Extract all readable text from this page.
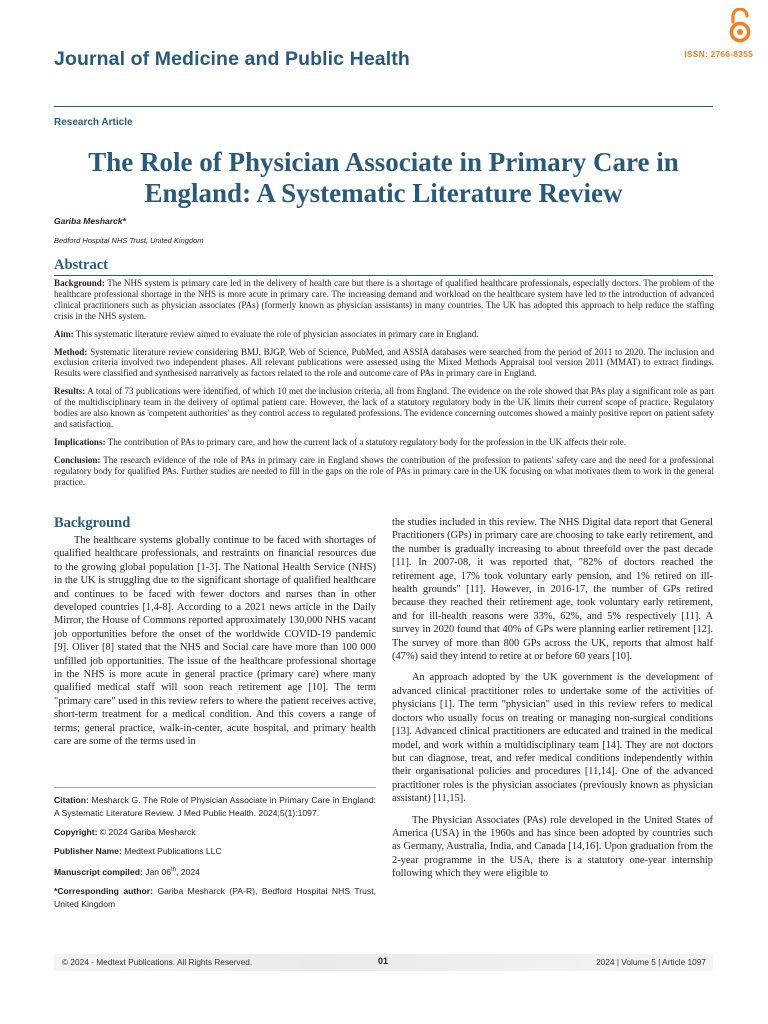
ISSN: 2766-8355
Journal of Medicine and Public Health
Research Article
The Role of Physician Associate in Primary Care in England: A Systematic Literature Review
Gariba Mesharck*
Bedford Hospital NHS Trust, United Kingdom
Abstract

Background: The NHS system is primary care led in the delivery of health care but there is a shortage of qualified healthcare professionals, especially doctors. The problem of the healthcare professional shortage in the NHS is more acute in primary care. The increasing demand and workload on the healthcare system have led to the introduction of advanced clinical practitioners such as physician associates (PAs) (formerly known as physician assistants) in many countries. The UK has adopted this approach to help reduce the staffing crisis in the NHS system.

Aim: This systematic literature review aimed to evaluate the role of physician associates in primary care in England.

Method: Systematic literature review considering BMJ, BJGP, Web of Science, PubMed, and ASSIA databases were searched from the period of 2011 to 2020. The inclusion and exclusion criteria involved two independent phases. All relevant publications were assessed using the Mixed Methods Appraisal tool version 2011 (MMAT) to extract findings. Results were classified and synthesised narratively as factors related to the role and outcome care of PAs in primary care in England.

Results: A total of 73 publications were identified, of which 10 met the inclusion criteria, all from England. The evidence on the role showed that PAs play a significant role as part of the multidisciplinary team in the delivery of optimal patient care. However, the lack of a statutory regulatory body in the UK limits their current scope of practice. Regulatory bodies are also known as 'competent authorities' as they control access to regulated professions. The evidence concerning outcomes showed a mainly positive report on patient safety and satisfaction.

Implications: The contribution of PAs to primary care, and how the current lack of a statutory regulatory body for the profession in the UK affects their role.

Conclusion: The research evidence of the role of PAs in primary care in England shows the contribution of the profession to patients' safety care and the need for a professional regulatory body for qualified PAs. Further studies are needed to fill in the gaps on the role of PAs in primary care in the UK focusing on what motivates them to work in the general practice.

Background

The healthcare systems globally continue to be faced with shortages of qualified healthcare professionals, and restraints on financial resources due to the growing global population [1-3]. The National Health Service (NHS) in the UK is struggling due to the significant shortage of qualified healthcare and continues to be faced with fewer doctors and nurses than in other developed countries [1,4-8]. According to a 2021 news article in the Daily Mirror, the House of Commons reported approximately 130,000 NHS vacant job opportunities before the onset of the worldwide COVID-19 pandemic [9]. Oliver [8] stated that the NHS and Social care have more than 100 000 unfilled job opportunities. The issue of the healthcare professional shortage in the NHS is more acute in general practice (primary care) where many qualified medical staff will soon reach retirement age [10]. The term "primary care" used in this review refers to where the patient receives active, short-term treatment for a medical condition. And this covers a range of terms; general practice, walk-in-center, acute hospital, and primary health care are some of the terms used in

the studies included in this review. The NHS Digital data report that General Practitioners (GPs) in primary care are choosing to take early retirement, and the number is gradually increasing to about threefold over the past decade [11]. In 2007-08, it was reported that, "82% of doctors reached the retirement age, 17% took voluntary early pension, and 1% retired on ill-health grounds" [11]. However, in 2016-17, the number of GPs retired because they reached their retirement age, took voluntary early retirement, and for ill-health reasons were 33%, 62%, and 5% respectively [11]. A survey in 2020 found that 40% of GPs were planning earlier retirement [12]. The survey of more than 800 GPs across the UK, reports that almost half (47%) said they intend to retire at or before 60 years [10].

An approach adopted by the UK government is the development of advanced clinical practitioner roles to undertake some of the activities of physicians [1]. The term "physician" used in this review refers to medical doctors who usually focus on treating or managing non-surgical conditions [13]. Advanced clinical practitioners are educated and trained in the medical model, and work within a multidisciplinary team [14]. They are not doctors but can diagnose, treat, and refer medical conditions independently within their organisational policies and procedures [11,14]. One of the advanced practitioner roles is the physician associates (previously known as physician assistant) [11,15].

The Physician Associates (PAs) role developed in the United States of America (USA) in the 1960s and has since been adopted by countries such as Germany, Australia, India, and Canada [14,16]. Upon graduation from the 2-year programme in the USA, there is a statutory one-year internship following which they were eligible to

Citation: Mesharck G. The Role of Physician Associate in Primary Care in England: A Systematic Literature Review. J Med Public Health. 2024;5(1):1097.
Copyright: © 2024 Gariba Mesharck
Publisher Name: Medtext Publications LLC
Manuscript compiled: Jan 06th, 2024
*Corresponding author: Gariba Mesharck (PA-R), Bedford Hospital NHS Trust, United Kingdom
© 2024 - Medtext Publications. All Rights Reserved.	01	2024 | Volume 5 | Article 1097
